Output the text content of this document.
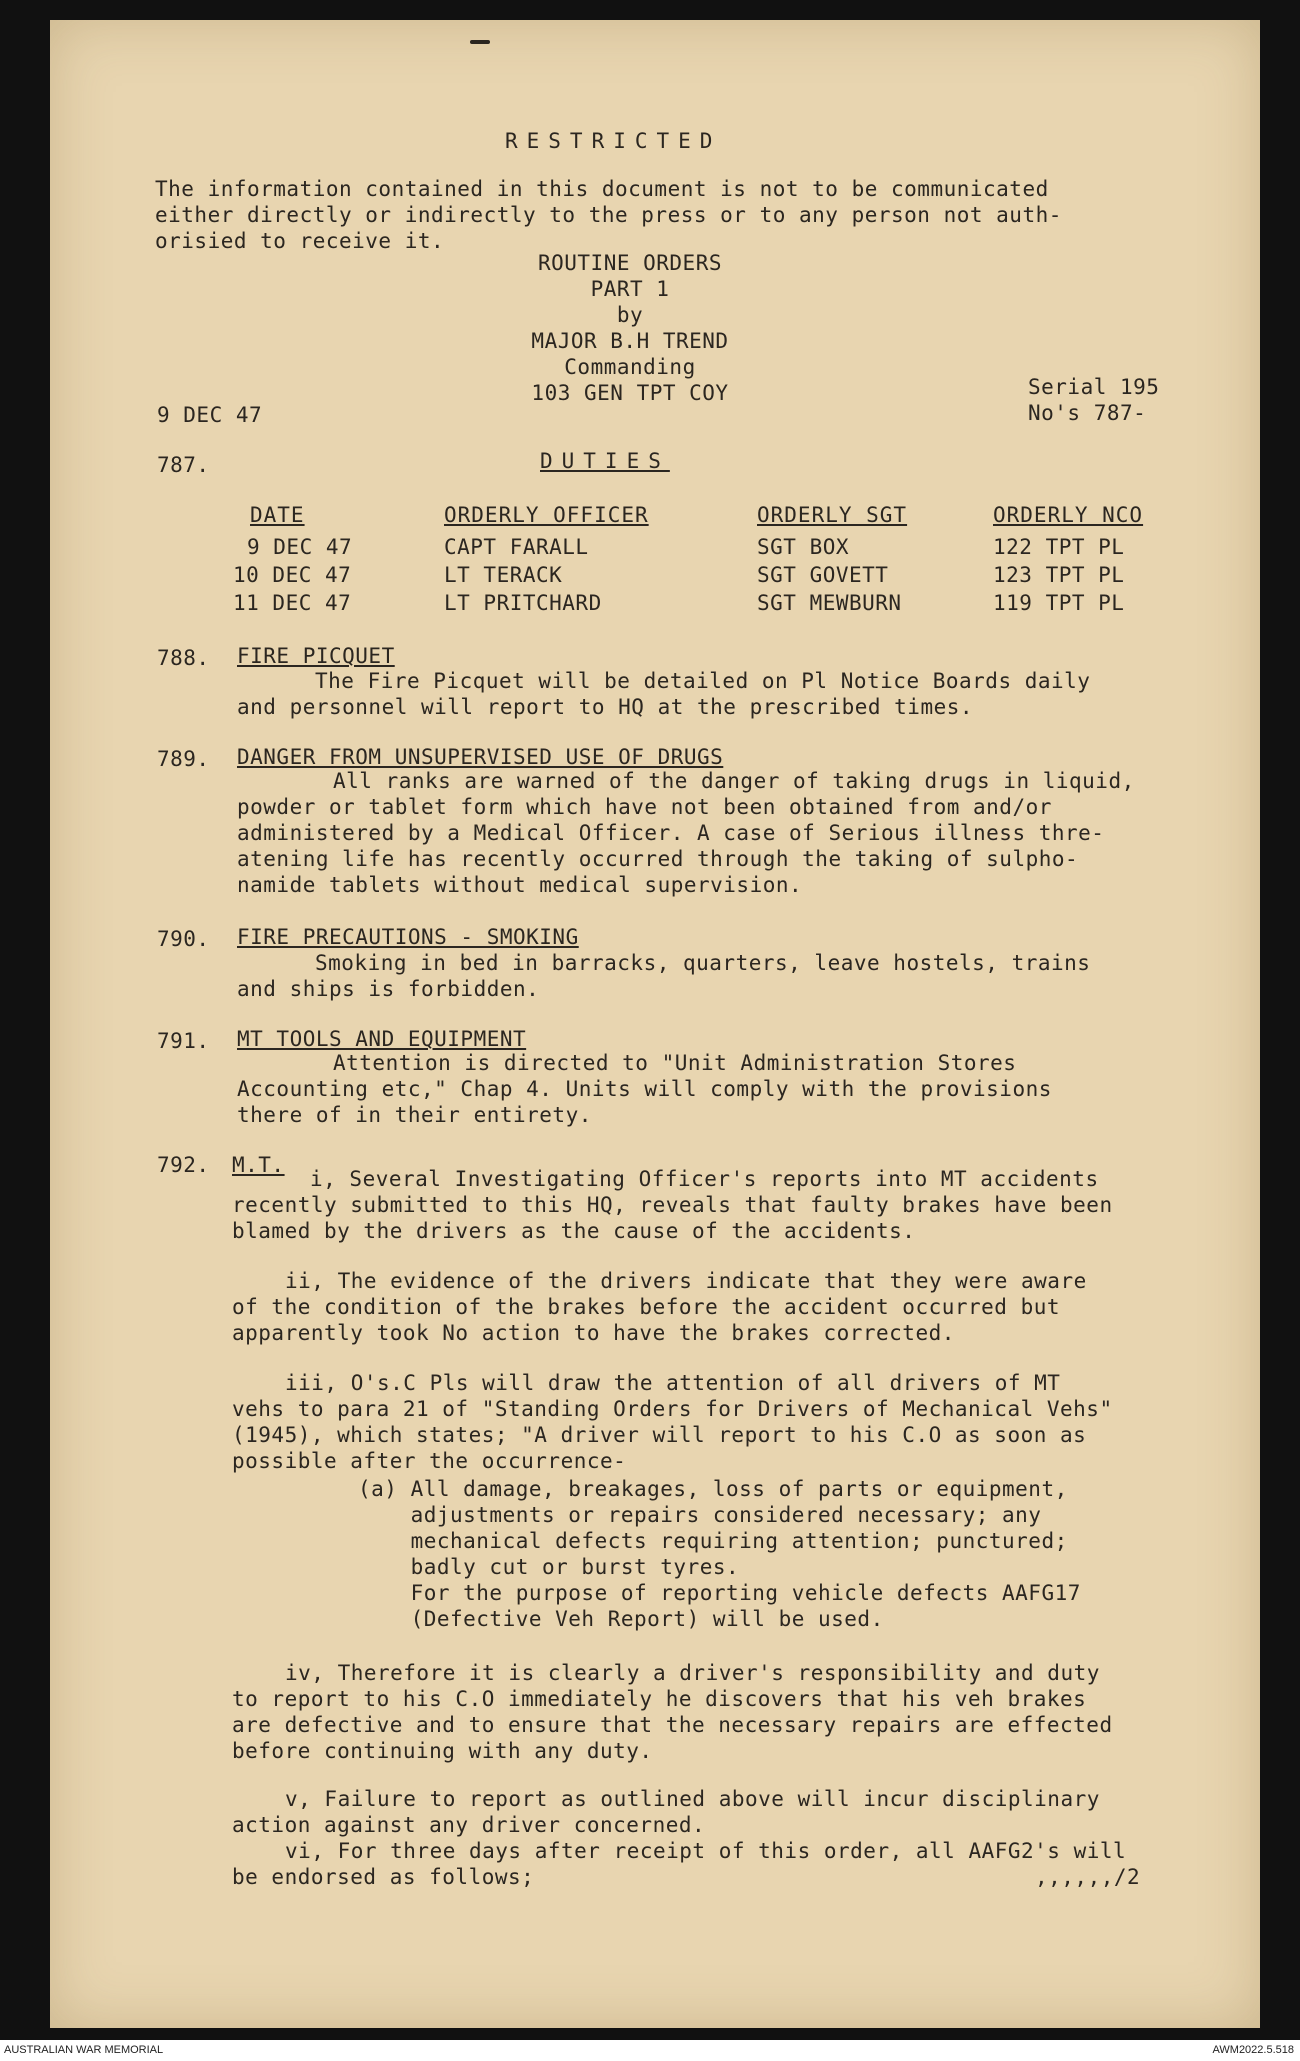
RESTRICTED
The information contained in this document is not to be communicated
either directly or indirectly to the press or to any person not auth-
orisied to receive it.
ROUTINE ORDERS
PART 1
by
MAJOR B.H TREND
Commanding
103 GEN TPT COY
9 DEC 47
Serial 195
No's 787-
787.	DUTIES
DATE	ORDERLY OFFICER	ORDERLY SGT	ORDERLY NCO
9 DEC 47	CAPT FARALL	SGT BOX	122 TPT PL
10 DEC 47	LT TERACK	SGT GOVETT	123 TPT PL
11 DEC 47	LT PRITCHARD	SGT MEWBURN	119 TPT PL
788. FIRE PICQUET
The Fire Picquet will be detailed on Pl Notice Boards daily
and personnel will report to HQ at the prescribed times.
789. DANGER FROM UNSUPERVISED USE OF DRUGS
All ranks are warned of the danger of taking drugs in liquid,
powder or tablet form which have not been obtained from and/or
administered by a Medical Officer. A case of Serious illness thre-
atening life has recently occurred through the taking of sulpho-
namide tablets without medical supervision.
790. FIRE PRECAUTIONS - SMOKING
Smoking in bed in barracks, quarters, leave hostels, trains
and ships is forbidden.
791. MT TOOLS AND EQUIPMENT
Attention is directed to "Unit Administration Stores
Accounting etc," Chap 4. Units will comply with the provisions
there of in their entirety.
792. M.T.
i, Several Investigating Officer's reports into MT accidents
recently submitted to this HQ, reveals that faulty brakes have been
blamed by the drivers as the cause of the accidents.
ii, The evidence of the drivers indicate that they were aware
of the condition of the brakes before the accident occurred but
apparently took No action to have the brakes corrected.
iii, O's.C Pls will draw the attention of all drivers of MT
vehs to para 21 of "Standing Orders for Drivers of Mechanical Vehs"
(1945), which states; "A driver will report to his C.O as soon as
possible after the occurrence-
(a) All damage, breakages, loss of parts or equipment,
adjustments or repairs considered necessary; any
mechanical defects requiring attention; punctured;
badly cut or burst tyres.
For the purpose of reporting vehicle defects AAFG17
(Defective Veh Report) will be used.
iv, Therefore it is clearly a driver's responsibility and duty
to report to his C.O immediately he discovers that his veh brakes
are defective and to ensure that the necessary repairs are effected
before continuing with any duty.
v, Failure to report as outlined above will incur disciplinary
action against any driver concerned.
vi, For three days after receipt of this order, all AAFG2's will
be endorsed as follows;	,,,,,,/2
AUSTRALIAN WAR MEMORIAL	AWM2022.5.518
